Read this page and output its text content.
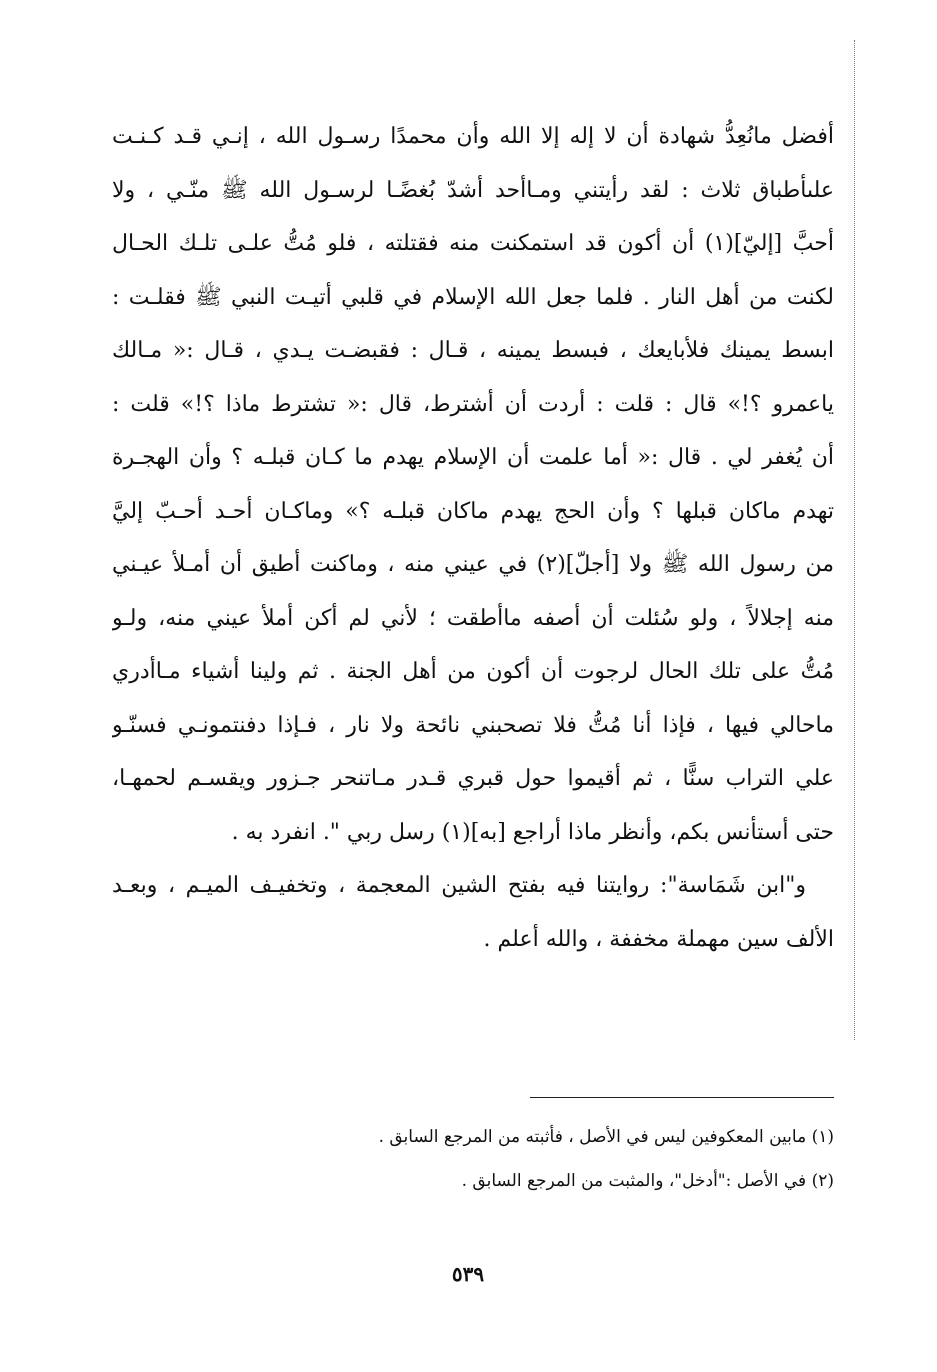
أفضل مانُعِدُّ شهادة أن لا إله إلا الله وأن محمدًا رسـول الله ، إنـي قـد كـنـت
علىأطباق ثلاث : لقد رأيتني ومـاأحد أشدّ بُغضًـا لرسـول الله ﷺ منّـي ، ولا
أحبَّ [إليّ](١) أن أكون قد استمكنت منه فقتلته ، فلو مُتُّ علـى تلـك الحـال
لكنت من أهل النار . فلما جعل الله الإسلام في قلبي أتيـت النبي ﷺ فقلـت :
ابسط يمينك فلأبايعك ، فبسط يمينه ، قـال : فقبضـت يـدي ، قـال :« مـالك
ياعمرو ؟!» قال : قلت : أردت أن أشترط، قال :« تشترط ماذا ؟!» قلت :
أن يُغفر لي . قال :« أما علمت أن الإسلام يهدم ما كـان قبلـه ؟ وأن الهجـرة
تهدم ماكان قبلها ؟ وأن الحج يهدم ماكان قبلـه ؟» وماكـان أحـد أحـبّ إليَّ
من رسول الله ﷺ ولا [أجلّ](٢) في عيني منه ، وماكنت أطيق أن أمـلأ عيـني
منه إجلالاً ، ولو سُئلت أن أصفه ماأطقت ؛ لأني لم أكن أملأ عيني منه، ولـو
مُتُّ على تلك الحال لرجوت أن أكون من أهل الجنة . ثم ولينا أشياء مـاأدري
ماحالي فيها ، فإذا أنا مُتُّ فلا تصحبني نائحة ولا نار ، فـإذا دفنتمونـي فسنّـو
علي التراب سنًّا ، ثم أقيموا حول قبري قـدر مـاتنحر جـزور ويقسـم لحمهـا،
حتى أستأنس بكم، وأنظر ماذا أراجع [به](١) رسل ربي ". انفرد به .
و"ابن شَمَاسة": روايتنا فيه بفتح الشين المعجمة ، وتخفيـف الميـم ، وبعـد
الألف سين مهملة مخففة ، والله أعلم .
(١) مابين المعكوفين ليس في الأصل ، فأثبته من المرجع السابق .
(٢) في الأصل :"أدخل"، والمثبت من المرجع السابق .
٥٣٩
